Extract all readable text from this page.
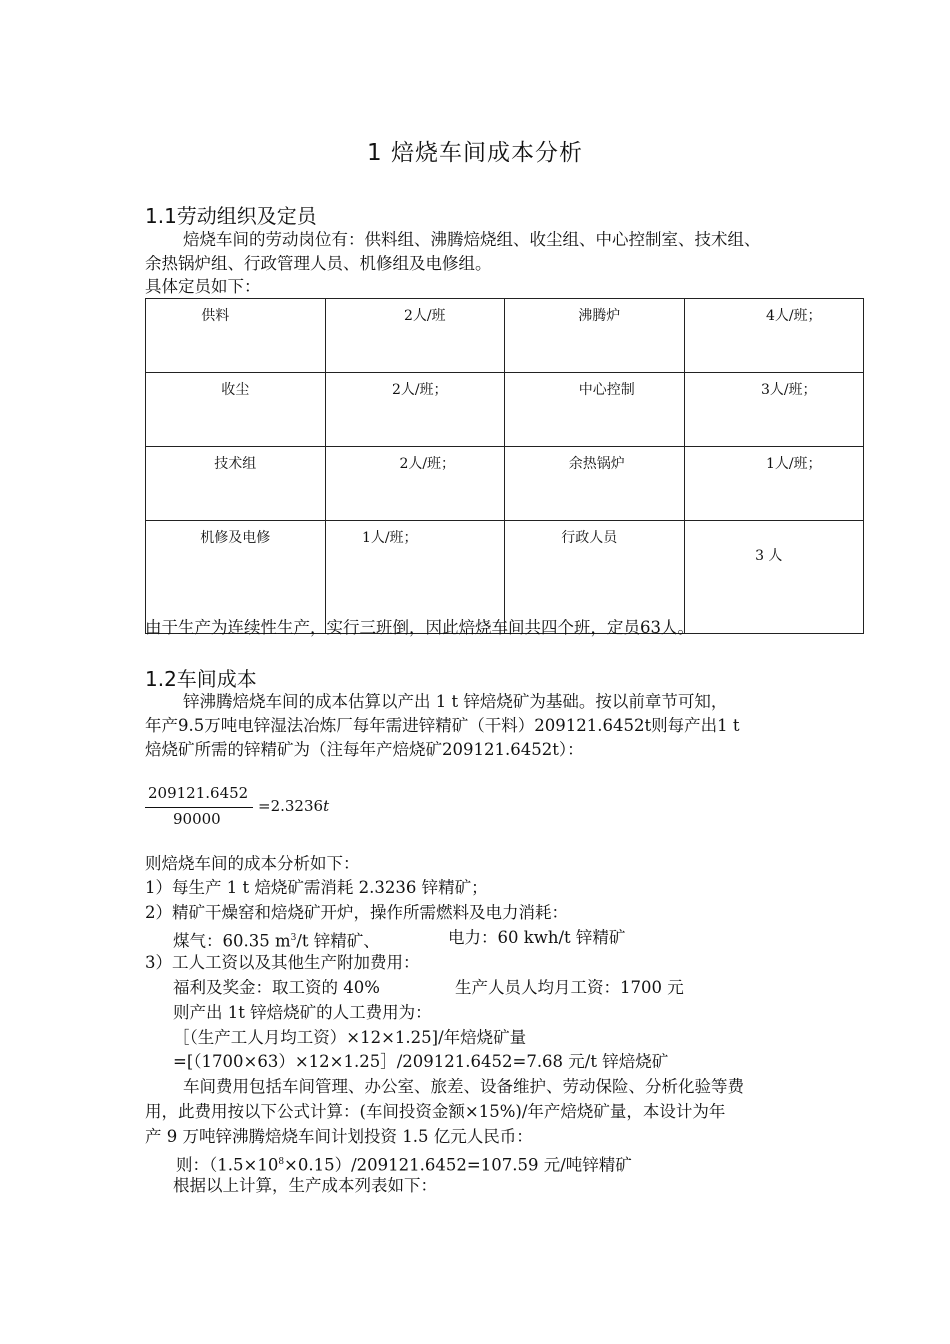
1 焙烧车间成本分析
1.1劳动组织及定员
焙烧车间的劳动岗位有：供料组、沸腾焙烧组、收尘组、中心控制室、技术组、
余热锅炉组、行政管理人员、机修组及电修组。
具体定员如下：
供料	2人/班	沸腾炉	4人/班；
收尘	2人/班；	中心控制	3人/班；
技术组	2人/班；	余热锅炉	1人/班；
机修及电修	1人/班；	行政人员	3 人
由于生产为连续性生产，实行三班倒，因此焙烧车间共四个班，定员63人。
1.2车间成本
锌沸腾焙烧车间的成本估算以产出 1 t 锌焙烧矿为基础。按以前章节可知，
年产9.5万吨电锌湿法冶炼厂每年需进锌精矿（干料）209121.6452t则每产出1 t
焙烧矿所需的锌精矿为（注每年产焙烧矿209121.6452t）：
209121.6452
90000
=2.3236t
则焙烧车间的成本分析如下：
1）每生产 1 t 焙烧矿需消耗 2.3236 锌精矿；
2）精矿干燥窑和焙烧矿开炉，操作所需燃料及电力消耗：
煤气：60.35 $m^3/t$ 锌精矿、	电力：60 kwh/t 锌精矿
3）工人工资以及其他生产附加费用：
福利及奖金：取工资的 40%	生产人员人均月工资：1700 元
则产出 1t 锌焙烧矿的人工费用为：
［（生产工人月均工资）×12×1.25]/年焙烧矿量
=[（1700×63）×12×1.25］/209121.6452=7.68 元/t 锌焙烧矿
车间费用包括车间管理、办公室、旅差、设备维护、劳动保险、分析化验等费
用，此费用按以下公式计算：(车间投资金额×15%)/年产焙烧矿量，本设计为年
产 9 万吨锌沸腾焙烧车间计划投资 1.5 亿元人民币：
则：$(1.5\times 10^8\times 0.15)/209121.6452=107.59$ 元/吨锌精矿
根据以上计算，生产成本列表如下：
